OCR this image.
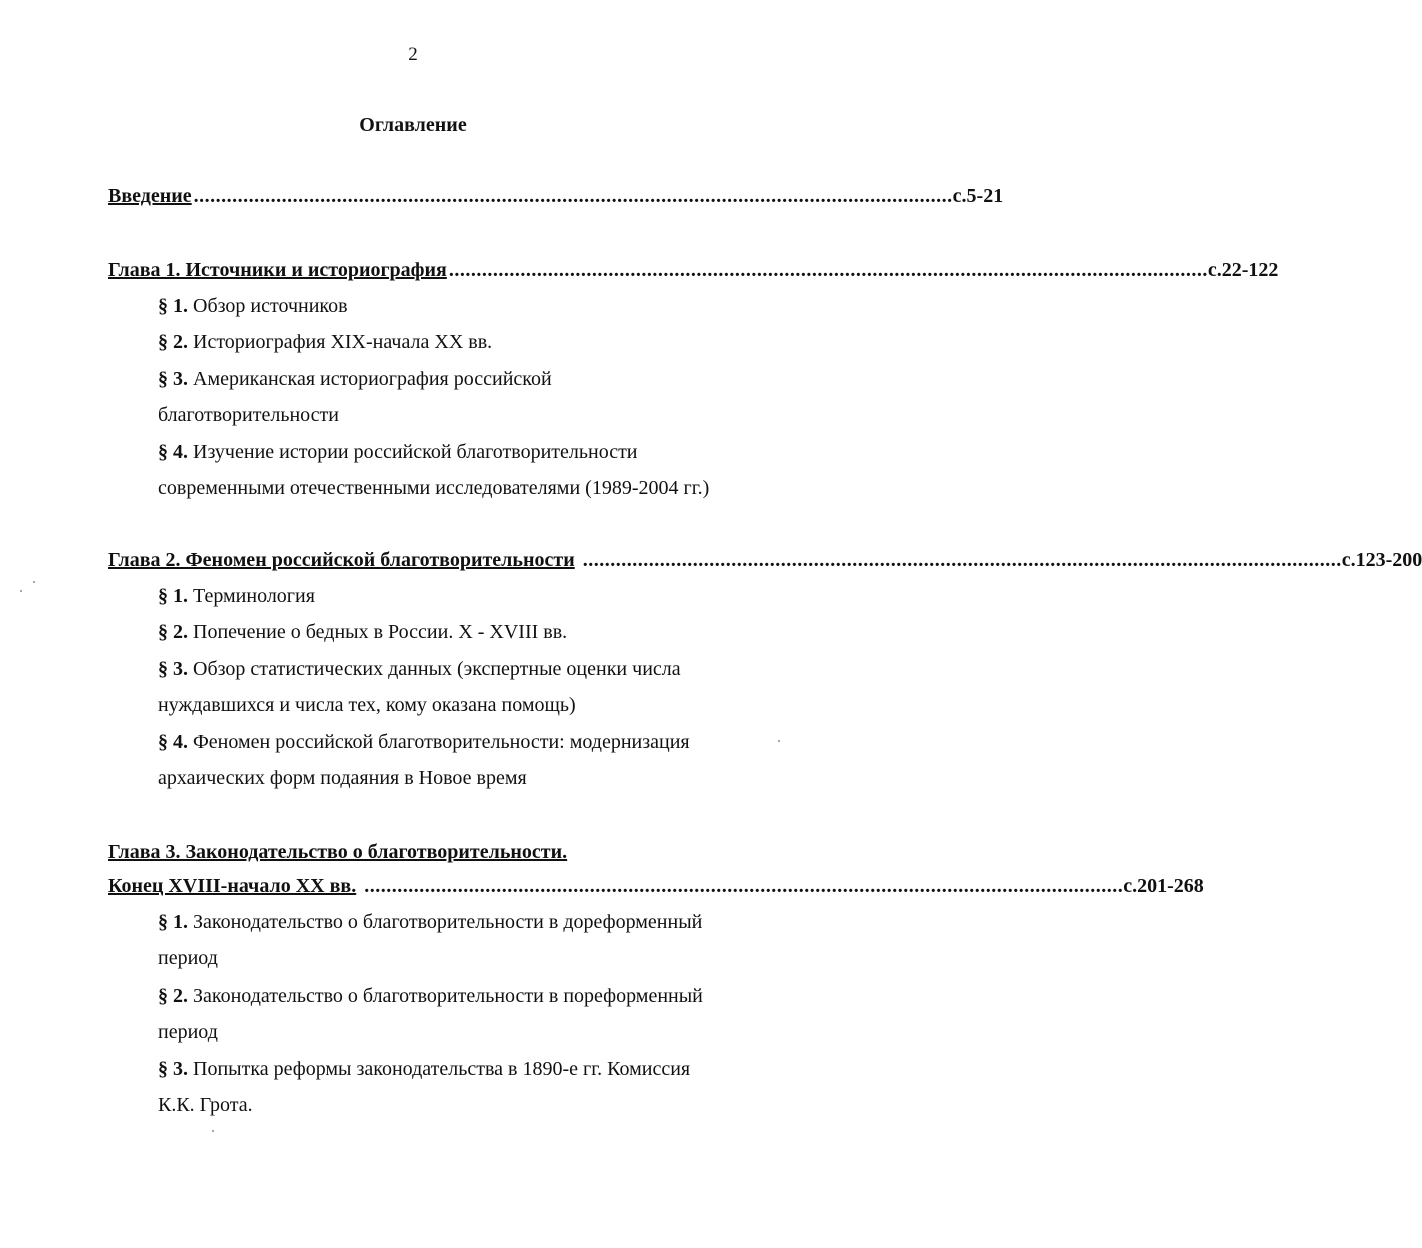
2
Оглавление
Введение .......................................................................................................................................... с.5-21
Глава 1. Источники и историография .......................................................................................................................................... с.22-122
§ 1. Обзор источников
§ 2. Историография XIX-начала XX вв.
§ 3. Американская историография российской
благотворительности
§ 4. Изучение истории российской благотворительности
современными отечественными исследователями (1989-2004 гг.)
Глава 2. Феномен российской благотворительности .......................................................................................................................................... с.123-200
§ 1. Терминология
§ 2. Попечение о бедных в России. X - XVIII вв.
§ 3. Обзор статистических данных (экспертные оценки числа
нуждавшихся и числа тех, кому оказана помощь)
§ 4. Феномен российской благотворительности: модернизация
архаических форм подаяния в Новое время
Глава 3. Законодательство о благотворительности.
Конец XVIII-начало XX вв. .......................................................................................................................................... с.201-268
§ 1. Законодательство о благотворительности в дореформенный
период
§ 2. Законодательство о благотворительности в пореформенный
период
§ 3. Попытка реформы законодательства в 1890-е гг. Комиссия
К.К. Грота.
